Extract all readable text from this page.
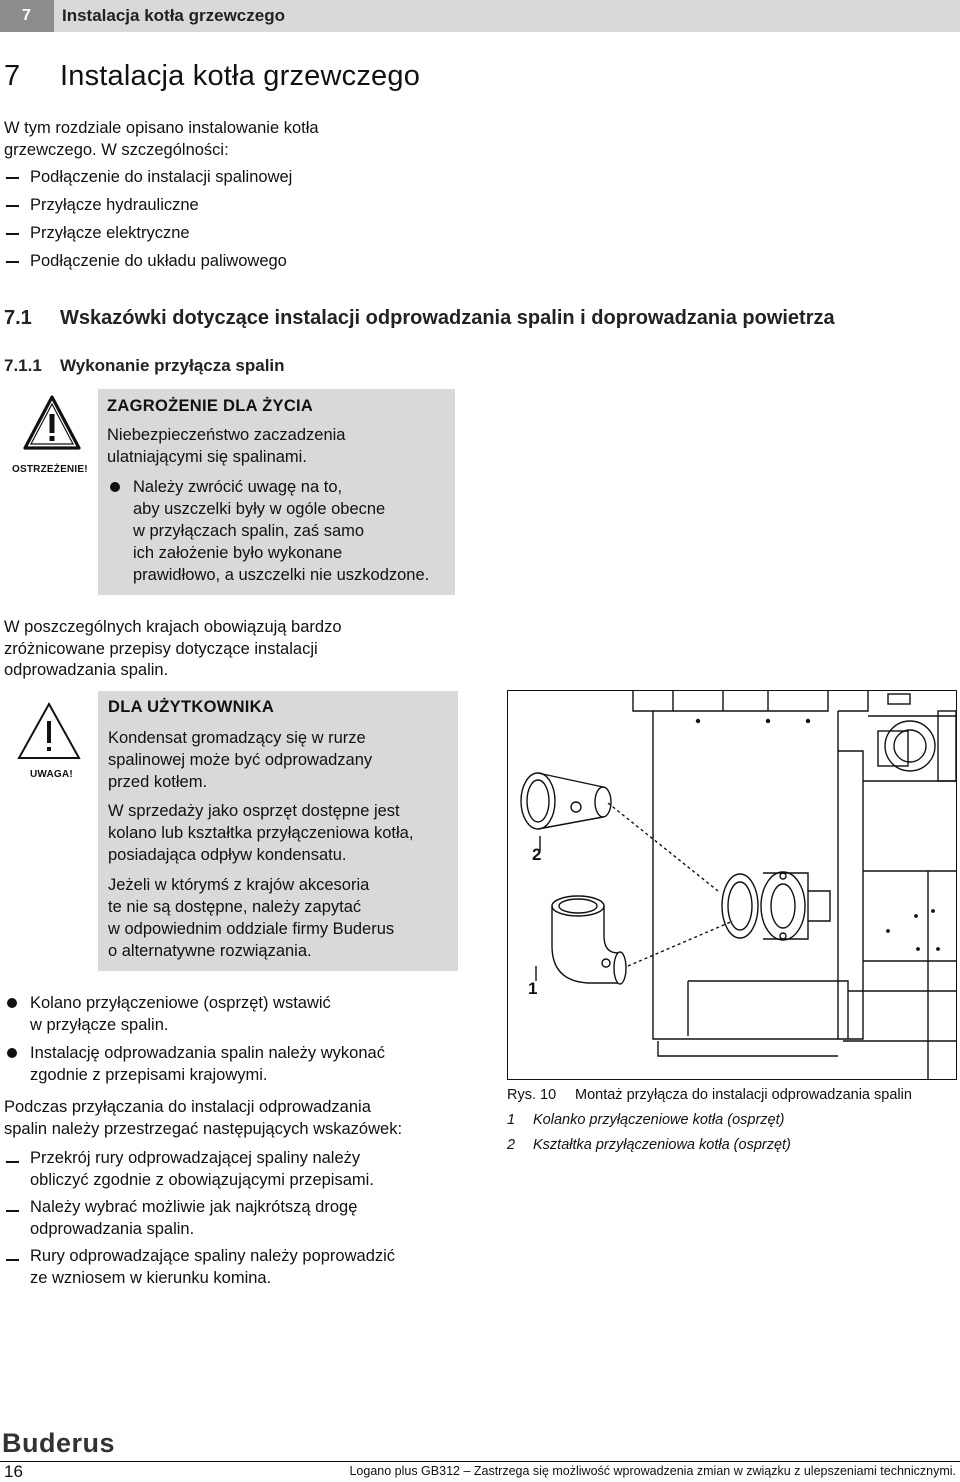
7	Instalacja kotła grzewczego
7 Instalacja kotła grzewczego

W tym rozdziale opisano instalowanie kotła

grzewczego. W szczególności:

Podłączenie do instalacji spalinowej
Przyłącze hydrauliczne
Przyłącze elektryczne
Podłączenie do układu paliwowego
7.1 Wskazówki dotyczące instalacji odprowadzania spalin i doprowadzania powietrza
7.1.1 Wykonanie przyłącza spalin
OSTRZEŻENIE!
ZAGROŻENIE DLA ŻYCIA

Niebezpieczeństwo zaczadzenia

ulatniającymi się spalinami.

Należy zwrócić uwagę na to,
aby uszczelki były w ogóle obecne
w przyłączach spalin, zaś samo
ich założenie było wykonane
prawidłowo, a uszczelki nie uszkodzone.

W poszczególnych krajach obowiązują bardzo

zróżnicowane przepisy dotyczące instalacji

odprowadzania spalin.

UWAGA!
DLA UŻYTKOWNIKA

Kondensat gromadzący się w rurze

spalinowej może być odprowadzany

przed kotłem.

W sprzedaży jako osprzęt dostępne jest

kolano lub kształtka przyłączeniowa kotła,

posiadająca odpływ kondensatu.

Jeżeli w którymś z krajów akcesoria

te nie są dostępne, należy zapytać

w odpowiednim oddziale firmy Buderus

o alternatywne rozwiązania.

Kolano przyłączeniowe (osprzęt) wstawić
w przyłącze spalin.
Instalację odprowadzania spalin należy wykonać
zgodnie z przepisami krajowymi.

Podczas przyłączania do instalacji odprowadzania

spalin należy przestrzegać następujących wskazówek:

Przekrój rury odprowadzającej spaliny należy
obliczyć zgodnie z obowiązującymi przepisami.
Należy wybrać możliwie jak najkrótszą drogę
odprowadzania spalin.
Rury odprowadzające spaliny należy poprowadzić
ze wzniosem w kierunku komina.
2
1
Rys. 10 Montaż przyłącza do instalacji odprowadzania spalin
1 Kolanko przyłączeniowe kotła (osprzęt)
2 Kształtka przyłączeniowa kotła (osprzęt)
Buderus
16	Logano plus GB312 – Zastrzega się możliwość wprowadzenia zmian w związku z ulepszeniami technicznymi.
